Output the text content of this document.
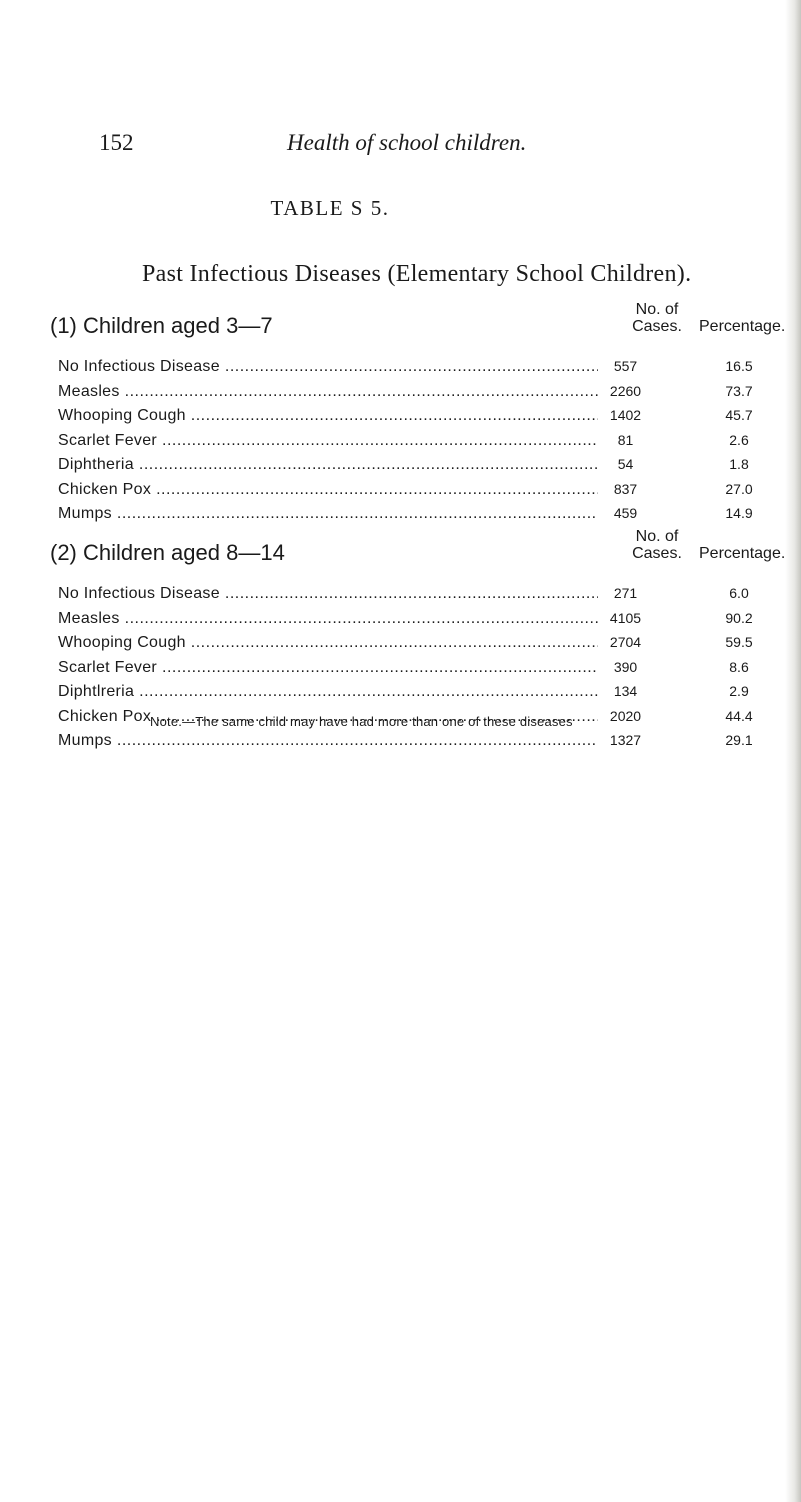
152	Health of school children.
TABLE S 5.
Past Infectious Diseases (Elementary School Children).
(1) Children aged 3—7
No. of
Cases.	Percentage.
No Infectious Disease .....	557	16.5
Measles .....	2260	73.7
Whooping Cough .....	1402	45.7
Scarlet Fever .....	81	2.6
Diphtheria .....	54	1.8
Chicken Pox .....	837	27.0
Mumps .....	459	14.9
(2) Children aged 8—14
No. of
Cases.	Percentage.
No Infectious Disease .....	271	6.0
Measles .....	4105	90.2
Whooping Cough .....	2704	59.5
Scarlet Fever .....	390	8.6
Diphtlreria .....	134	2.9
Chicken Pox .....	2020	44.4
Mumps .....	1327	29.1
Note.—The same child may have had more than one of these diseases
